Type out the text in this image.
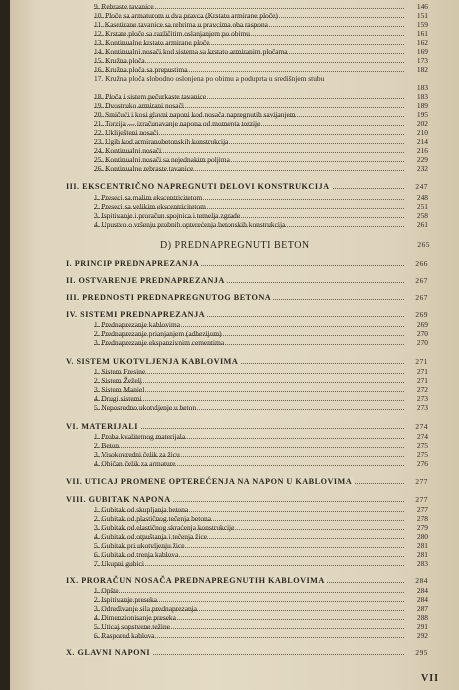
9. Rebraste tavanice	146
10. Ploče sa armaturom u dva pravca (Krstato armirane ploče)	151
11. Kasetirane tavanice sa rebrima u pravcima oba raspona	159
12. Krstate ploče sa različitim oslanjanjem po obimu	161
13. Kontinualne krstato armirane ploče	162
14. Kontinualni nosači kod sistema sa krstato armiranim pločama	169
15. Kružna ploča	173
16. Kružna ploča sa prepustima	182
17. Kružna ploča slobodno oslonjena po obimu a poduprta u središnjem stubu
183
18. Ploča i sistem pečurkaste tavanice	183
19. Dvostruko armirani nosači	189
20. Smičući i kosi glavni naponi kod nosača napregnutih savijanjem	195
21. Torzija — izračunavanje napona od momenta torzije	202
22. Ukliješteni nosači	210
23. Ugib kod armiranobetonskih konstrukcija	214
24. Kontinualni nosači	216
25. Kontinualni nosači sa nejednakim poljima	229
26. Kontinualne rebraste tavanice	232
III. EKSCENTRIČNO NAPREGNUTI DELOVI KONSTRUKCIJA	247
1. Preseci sa malim ekscentricitetom	248
2. Preseci sa velikim ekscentricitetom	251
3. Ispitivanje i proračun spojnica i temelja zgrade	258
4. Upustvo o vršenju probnih opterećenja betonskih konstrukcija	261
D) PREDNAPREGNUTI BETON	265
I. PRINCIP PREDNAPREZANJA	266
II. OSTVARENJE PREDNAPREZANJA	267
III. PREDNOSTI PREDNAPREGNUTOG BETONA	267
IV. SISTEMI PREDNAPREZANJA	269
1. Prednaprezanje kablovima	269
2. Prednaprezanje prianjanjem (adhezijom)	270
3. Prednaprezanje ekspanzivnim cementima	270
V. SISTEM UKOTVLJENJA KABLOVIMA	271
1. Sistem Fresine	271
2. Sistem Žeželj	271
3. Sistem Maniel	272
4. Drugi sistemi	273
5. Neposredno ukotvljenje u beton	273
VI. MATERIJALI	274
1. Proba kvalitetnog materijala	274
2. Beton	275
3. Visokovredni čelik za žicu	275
4. Običan čelik za armature	276
VII. UTICAJ PROMENE OPTEREĆENJA NA NAPON U KABLOVIMA	277
VIII. GUBITAK NAPONA	277
1. Gubitak od skupljanja betona	277
2. Gubitak od plastičnog tečenja betona	278
3. Gubitak od elastičnog skraćenja konstrukcije	279
4. Gubitak od otpuštanja i tečenja žice	280
5. Gubitak pri ukotvljenju žice	281
6. Gubitak od trenja kablova	281
7. Ukupni gubici	283
IX. PRORAČUN NOSAČA PREDNAPREGNUTIH KABLOVIMA	284
1. Opšte	284
2. Ispitivanje preseka	284
3. Određivanje sila prednaprezanja	287
4. Dimenzionisanje preseka	288
5. Uticaj sopstvene težine	291
6. Raspored kablova	292
X. GLAVNI NAPONI	295
VII
